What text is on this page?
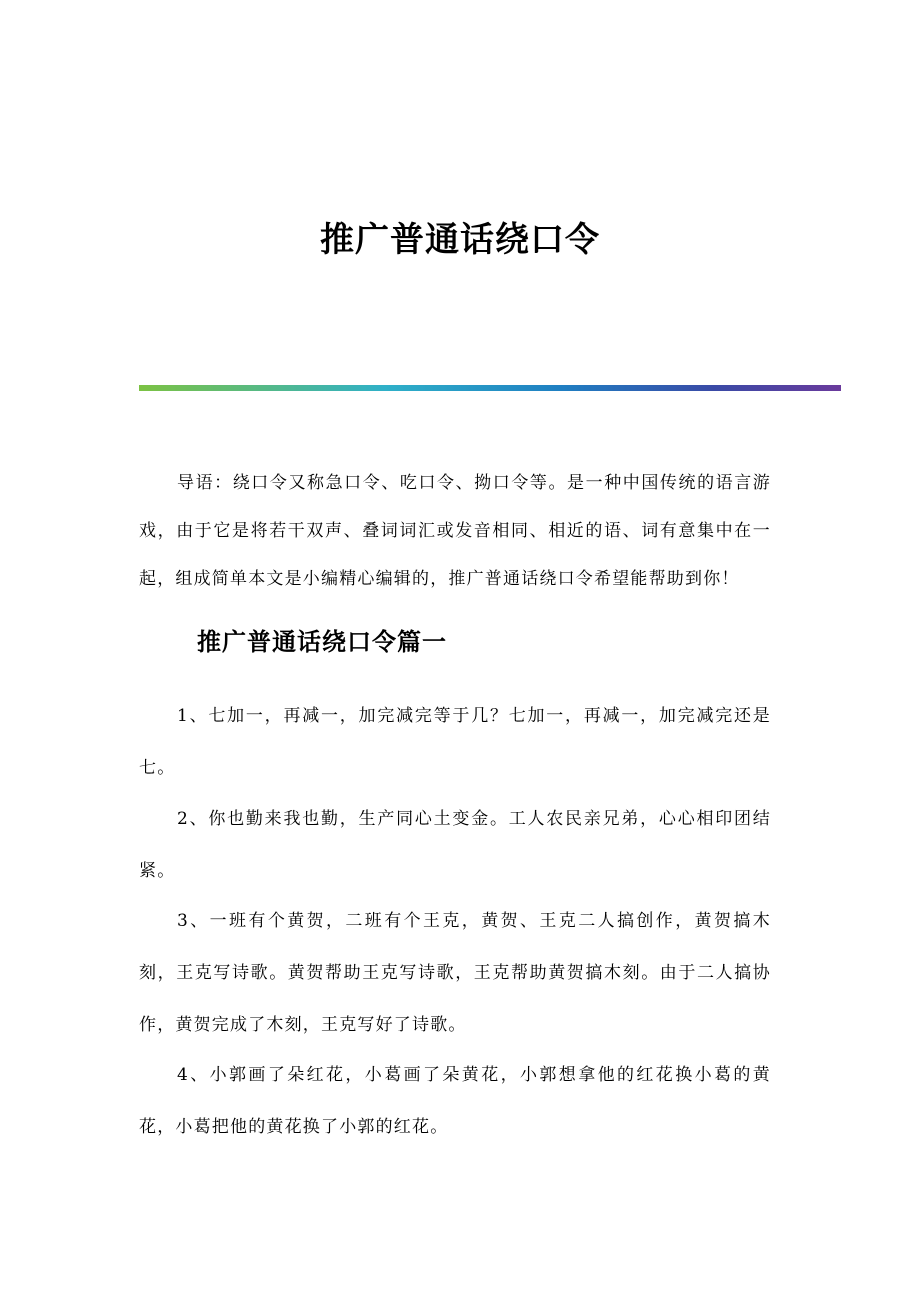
推广普通话绕口令

导语：绕口令又称急口令、吃口令、拗口令等。是一种中国传统的语言游戏，由于它是将若干双声、叠词词汇或发音相同、相近的语、词有意集中在一起，组成简单本文是小编精心编辑的，推广普通话绕口令希望能帮助到你！

推广普通话绕口令篇一

1、七加一，再减一，加完减完等于几？七加一，再减一，加完减完还是七。

2、你也勤来我也勤，生产同心土变金。工人农民亲兄弟，心心相印团结紧。

3、一班有个黄贺，二班有个王克，黄贺、王克二人搞创作，黄贺搞木刻，王克写诗歌。黄贺帮助王克写诗歌，王克帮助黄贺搞木刻。由于二人搞协作，黄贺完成了木刻，王克写好了诗歌。

4、小郭画了朵红花，小葛画了朵黄花，小郭想拿他的红花换小葛的黄花，小葛把他的黄花换了小郭的红花。
